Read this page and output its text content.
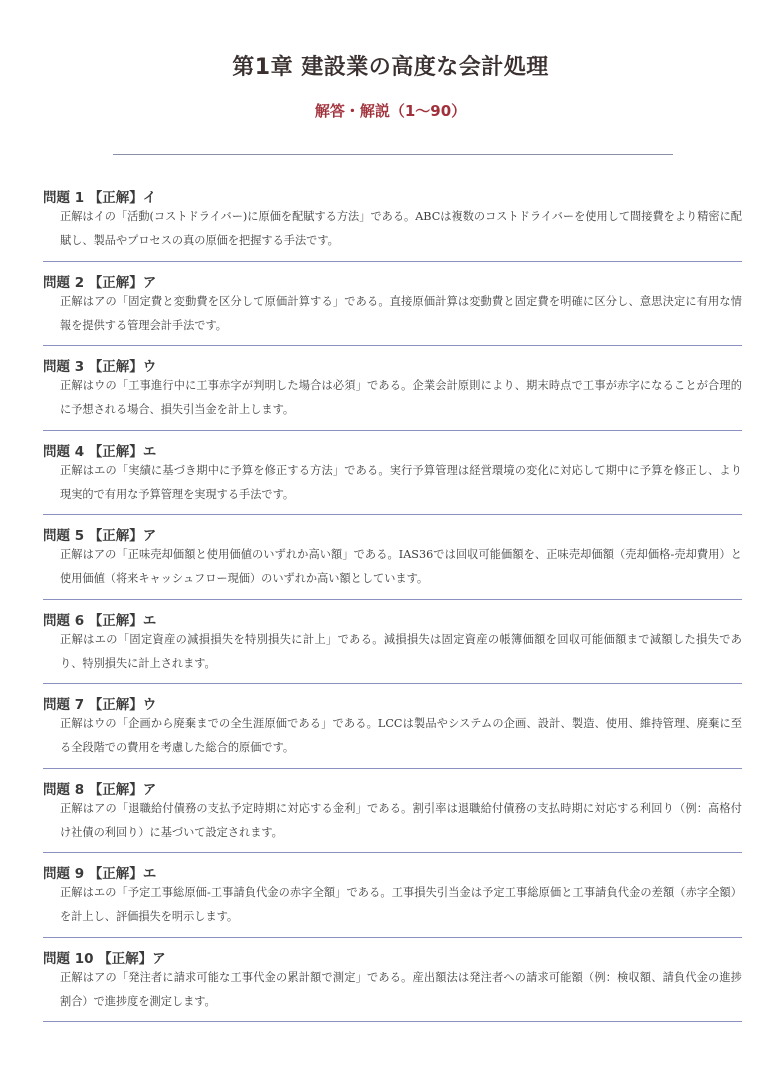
第1章 建設業の高度な会計処理
解答・解説（1〜90）
問題 1 【正解】イ
正解はイの「活動(コストドライバー)に原価を配賦する方法」である。ABCは複数のコストドライバーを使用して間接費をより精密に配賦し、製品やプロセスの真の原価を把握する手法です。
問題 2 【正解】ア
正解はアの「固定費と変動費を区分して原価計算する」である。直接原価計算は変動費と固定費を明確に区分し、意思決定に有用な情報を提供する管理会計手法です。
問題 3 【正解】ウ
正解はウの「工事進行中に工事赤字が判明した場合は必須」である。企業会計原則により、期末時点で工事が赤字になることが合理的に予想される場合、損失引当金を計上します。
問題 4 【正解】エ
正解はエの「実績に基づき期中に予算を修正する方法」である。実行予算管理は経営環境の変化に対応して期中に予算を修正し、より現実的で有用な予算管理を実現する手法です。
問題 5 【正解】ア
正解はアの「正味売却価額と使用価値のいずれか高い額」である。IAS36では回収可能価額を、正味売却価額（売却価格-売却費用）と使用価値（将来キャッシュフロー現価）のいずれか高い額としています。
問題 6 【正解】エ
正解はエの「固定資産の減損損失を特別損失に計上」である。減損損失は固定資産の帳簿価額を回収可能価額まで減額した損失であり、特別損失に計上されます。
問題 7 【正解】ウ
正解はウの「企画から廃棄までの全生涯原価である」である。LCCは製品やシステムの企画、設計、製造、使用、維持管理、廃棄に至る全段階での費用を考慮した総合的原価です。
問題 8 【正解】ア
正解はアの「退職給付債務の支払予定時期に対応する金利」である。割引率は退職給付債務の支払時期に対応する利回り（例：高格付け社債の利回り）に基づいて設定されます。
問題 9 【正解】エ
正解はエの「予定工事総原価-工事請負代金の赤字全額」である。工事損失引当金は予定工事総原価と工事請負代金の差額（赤字全額）を計上し、評価損失を明示します。
問題 10 【正解】ア
正解はアの「発注者に請求可能な工事代金の累計額で測定」である。産出額法は発注者への請求可能額（例：検収額、請負代金の進捗割合）で進捗度を測定します。
